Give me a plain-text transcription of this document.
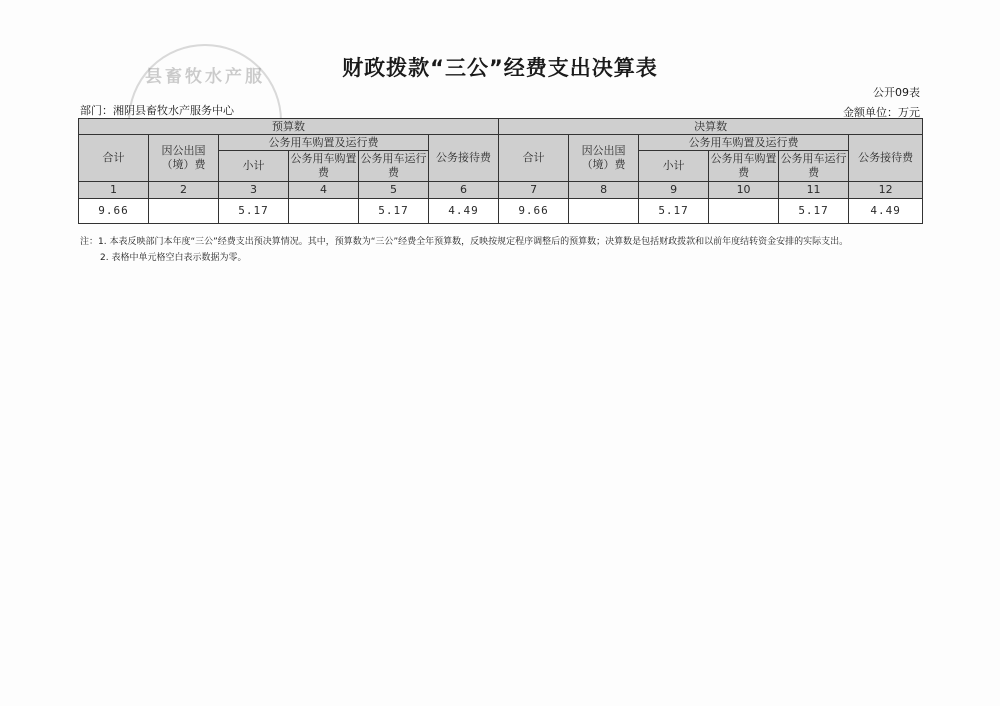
县畜牧水产服	财政拨款“三公”经费支出决算表
公开09表
部门：湘阴县畜牧水产服务中心	金额单位：万元
预算数						决算数					
合计	因公出国（境）费	公务用车购置及运行费			公务接待费	合计	因公出国（境）费	公务用车购置及运行费			公务接待费
		小计	公务用车购置费	公务用车运行费				小计	公务用车购置费	公务用车运行费	
1	2	3	4	5	6	7	8	9	10	11	12
9.66		5.17		5.17	4.49	9.66		5.17		5.17	4.49

注：1. 本表反映部门本年度“三公”经费支出预决算情况。其中，预算数为“三公”经费全年预算数，反映按规定程序调整后的预算数；决算数是包括财政拨款和以前年度结转资金安排的实际支出。

2. 表格中单元格空白表示数据为零。
